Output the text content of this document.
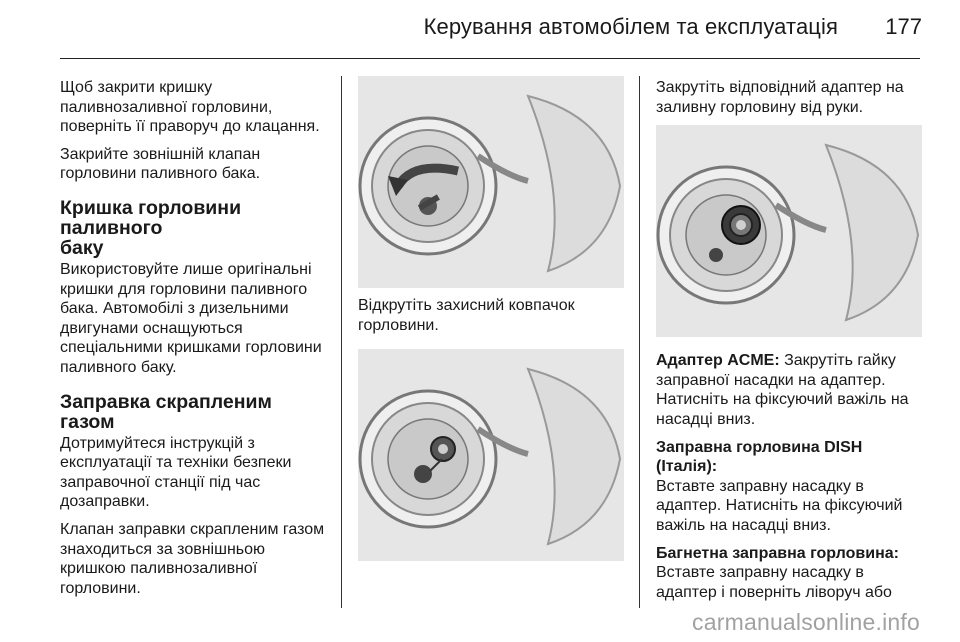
Керування автомобілем та експлуатація 177

Щоб закрити кришку
паливнозаливної горловини,
поверніть її праворуч до клацання.

Закрийте зовнішній клапан
горловини паливного бака.

Кришка горловини паливного
баку

Використовуйте лише оригінальні
кришки для горловини паливного
бака. Автомобілі з дизельними
двигунами оснащуються
спеціальними кришками горловини
паливного баку.

Заправка скрапленим газом

Дотримуйтеся інструкцій з
експлуатації та техніки безпеки
заправочної станції під час
дозаправки.

Клапан заправки скрапленим газом
знаходиться за зовнішньою
кришкою паливнозаливної
горловини.

Відкрутіть захисний ковпачок
горловини.

Закрутіть відповідний адаптер на
заливну горловину від руки.

Адаптер ACME: Закрутіть гайку
заправної насадки на адаптер.
Натисніть на фіксуючий важіль на
насадці вниз.

Заправна горловина DISH (Італія):
Вставте заправну насадку в
адаптер. Натисніть на фіксуючий
важіль на насадці вниз.

Багнетна заправна горловина:
Вставте заправну насадку в
адаптер і поверніть ліворуч або

carmanualsonline.info
